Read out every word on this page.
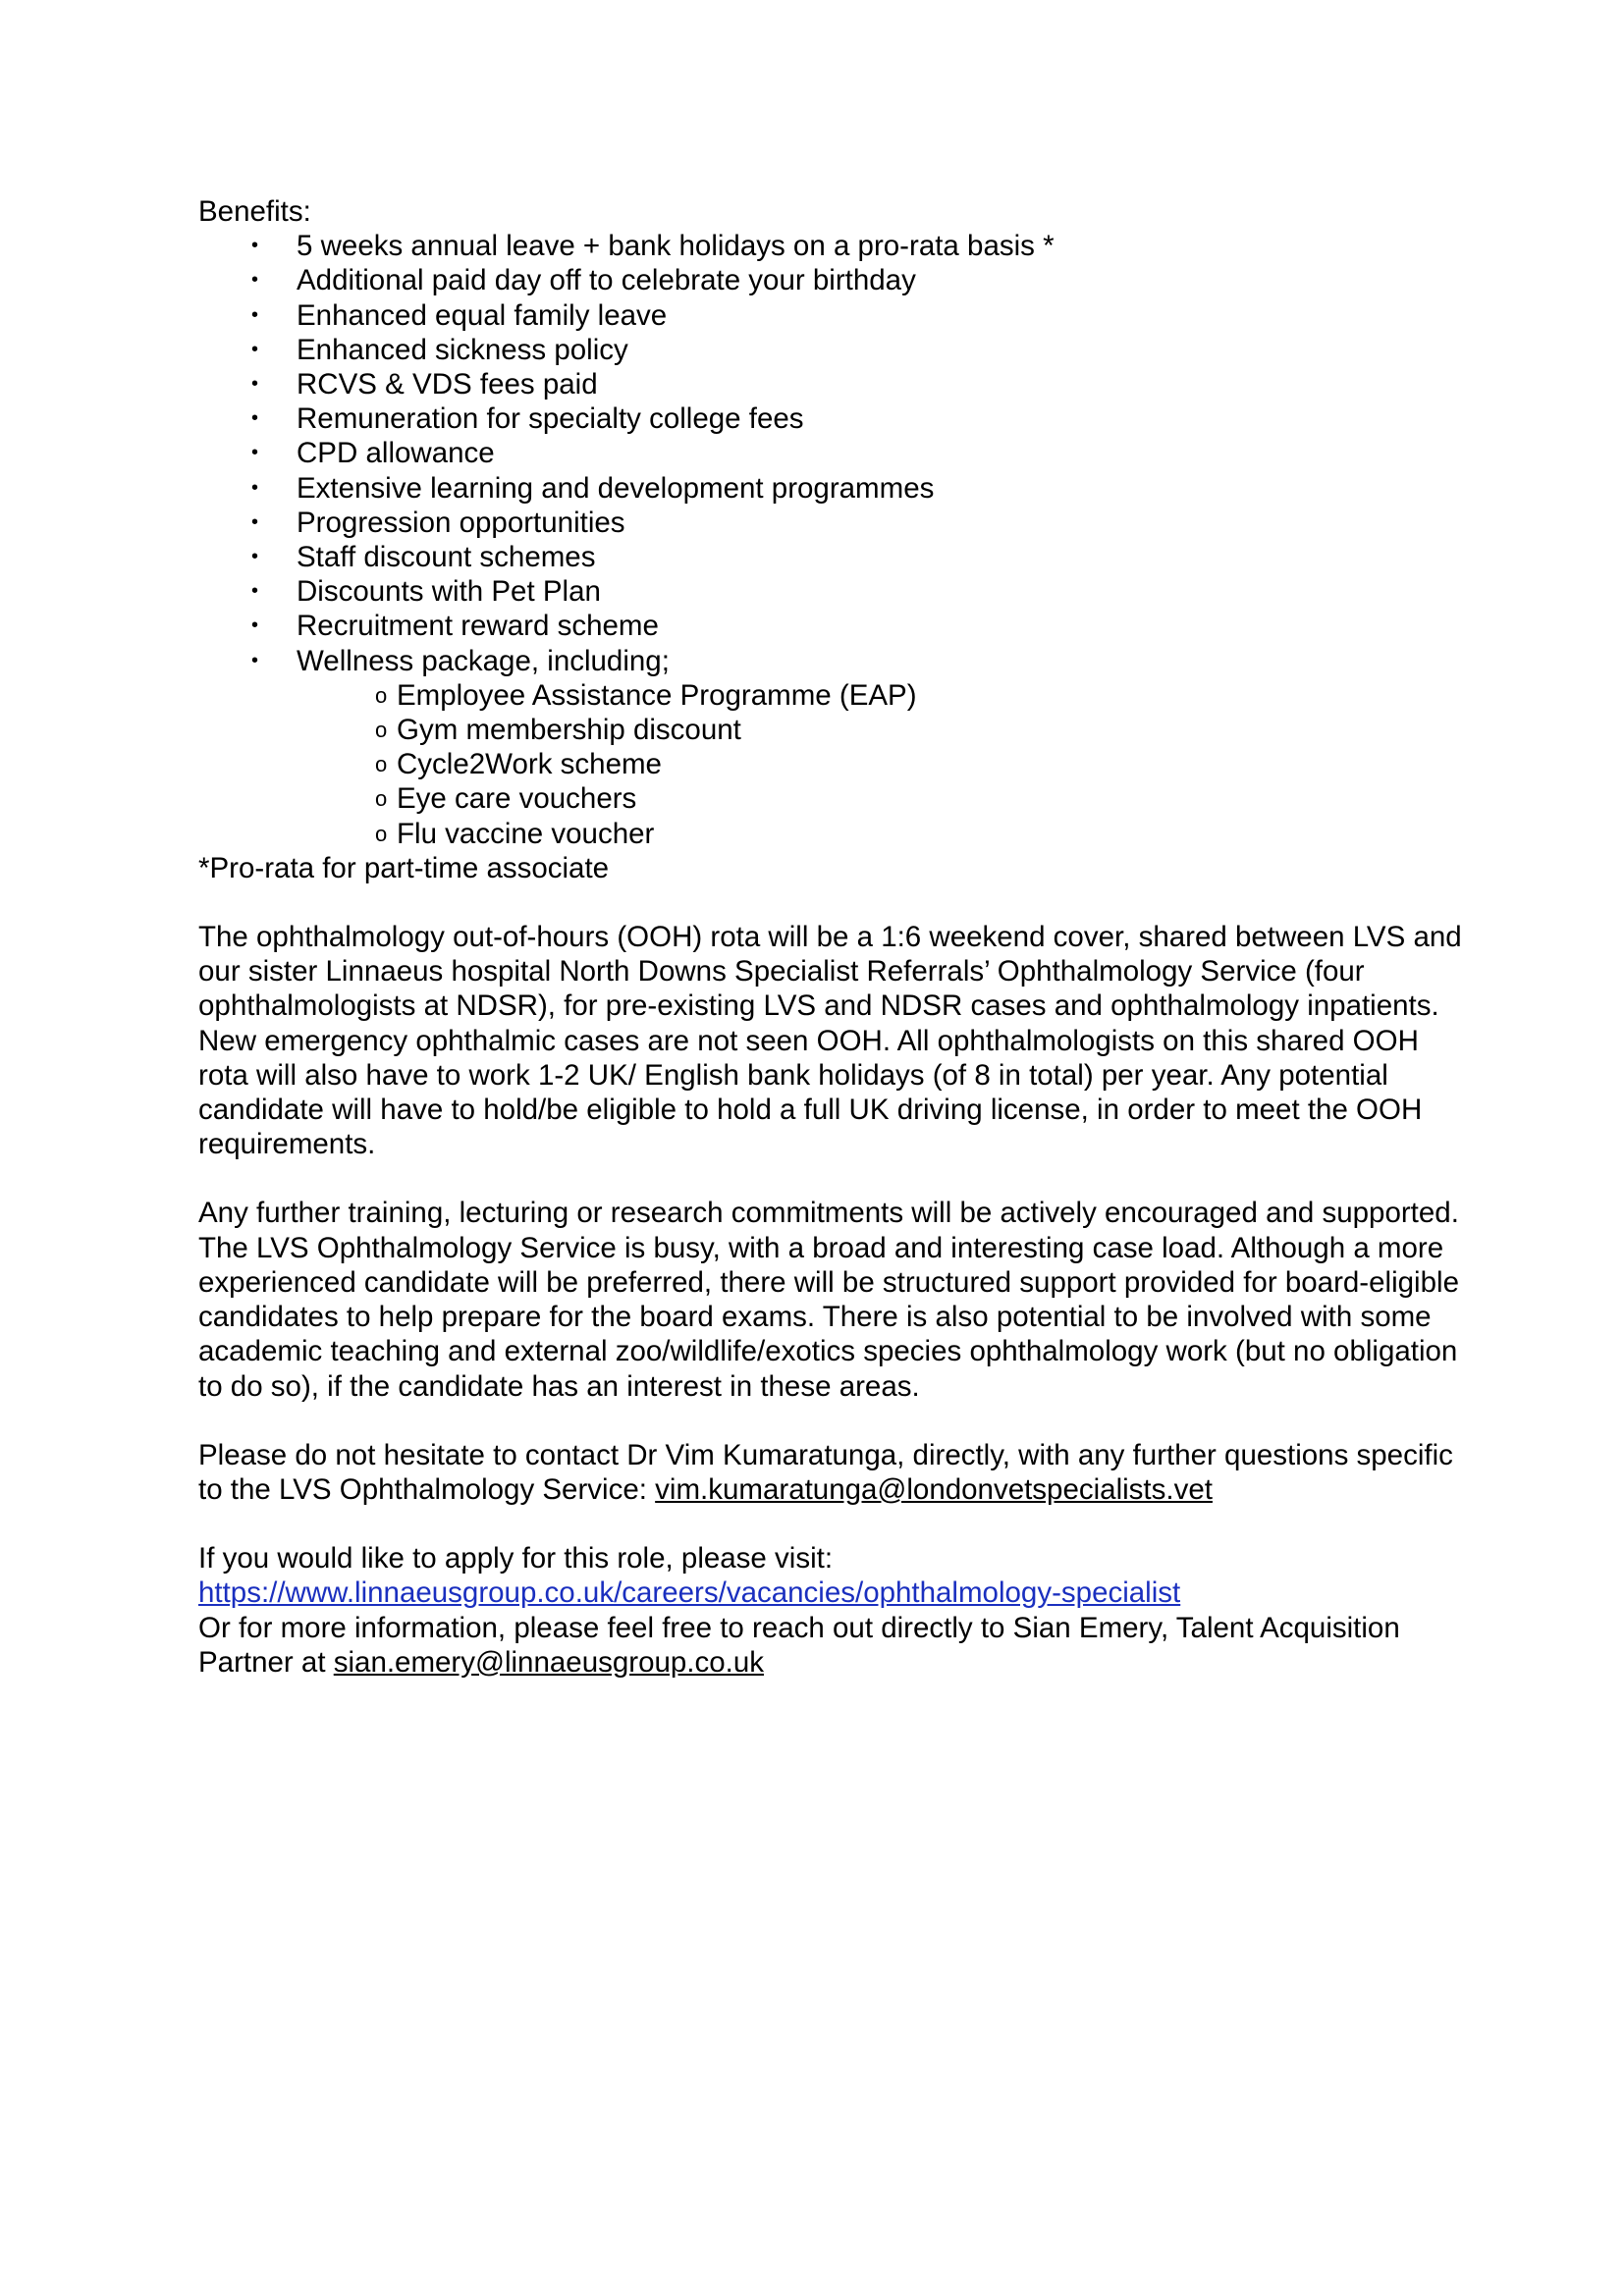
Benefits:

• 5 weeks annual leave + bank holidays on a pro-rata basis *
• Additional paid day off to celebrate your birthday
• Enhanced equal family leave
• Enhanced sickness policy
• RCVS & VDS fees paid
• Remuneration for specialty college fees
• CPD allowance
• Extensive learning and development programmes
• Progression opportunities
• Staff discount schemes
• Discounts with Pet Plan
• Recruitment reward scheme
• Wellness package, including;
o Employee Assistance Programme (EAP)
o Gym membership discount
o Cycle2Work scheme
o Eye care vouchers
o Flu vaccine voucher

*Pro-rata for part-time associate

The ophthalmology out-of-hours (OOH) rota will be a 1:6 weekend cover, shared between LVS and our sister Linnaeus hospital North Downs Specialist Referrals’ Ophthalmology Service (four ophthalmologists at NDSR), for pre-existing LVS and NDSR cases and ophthalmology inpatients. New emergency ophthalmic cases are not seen OOH. All ophthalmologists on this shared OOH rota will also have to work 1-2 UK/ English bank holidays (of 8 in total) per year. Any potential candidate will have to hold/be eligible to hold a full UK driving license, in order to meet the OOH requirements.

Any further training, lecturing or research commitments will be actively encouraged and supported. The LVS Ophthalmology Service is busy, with a broad and interesting case load. Although a more experienced candidate will be preferred, there will be structured support provided for board-eligible candidates to help prepare for the board exams. There is also potential to be involved with some academic teaching and external zoo/wildlife/exotics species ophthalmology work (but no obligation to do so), if the candidate has an interest in these areas.

Please do not hesitate to contact Dr Vim Kumaratunga, directly, with any further questions specific to the LVS Ophthalmology Service: vim.kumaratunga@londonvetspecialists.vet

If you would like to apply for this role, please visit:

https://www.linnaeusgroup.co.uk/careers/vacancies/ophthalmology-specialist

Or for more information, please feel free to reach out directly to Sian Emery, Talent Acquisition Partner at sian.emery@linnaeusgroup.co.uk
